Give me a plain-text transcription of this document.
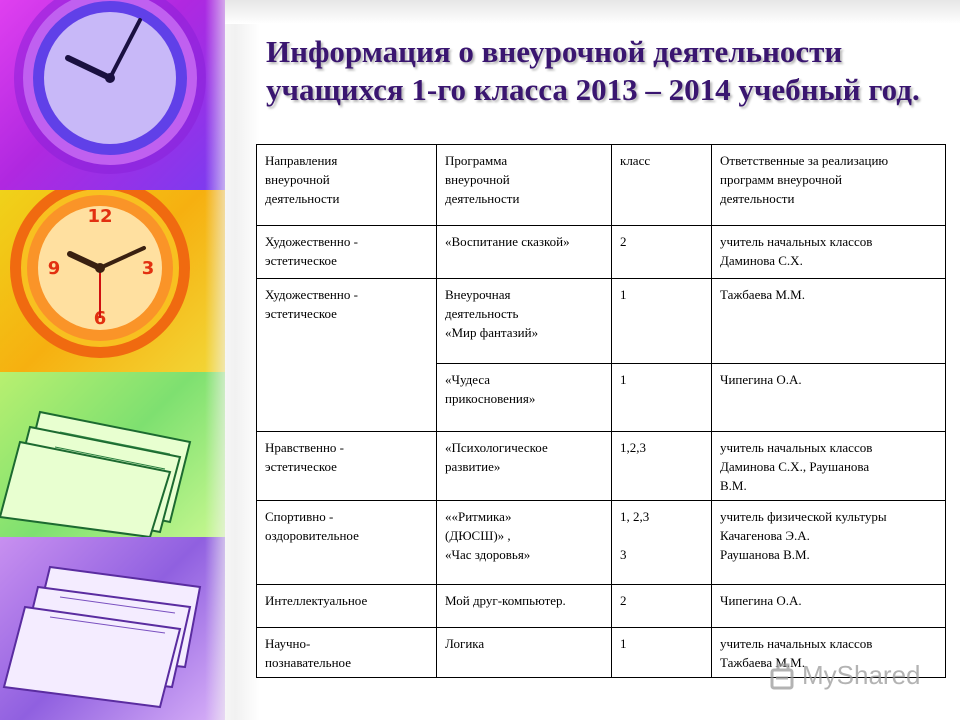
12
3
6
9
Информация о внеурочной деятельности учащихся 1-го класса 2013 – 2014 учебный год.
Направления
внеурочной
деятельности	Программа
внеурочной
деятельности	класс	Ответственные за реализацию
программ внеурочной
деятельности

Художественно -
эстетическое	«Воспитание сказкой»	2	учитель начальных классов
Даминова С.Х.

Художественно -
эстетическое	Внеурочная
деятельность
«Мир фантазий»	1	Тажбаева М.М.

	«Чудеса
прикосновения»	1	Чипегина О.А.

Нравственно -
эстетическое	«Психологическое
развитие»	1,2,3	учитель начальных классов
Даминова С.Х., Раушанова
В.М.

Спортивно -
оздоровительное	««Ритмика»
(ДЮСШ)» ,
«Час здоровья»	1, 2,3
3	учитель физической культуры
Качагенова Э.А.
Раушанова В.М.

Интеллектуальное	Мой друг-компьютер.	2	Чипегина О.А.

Научно-
познавательное	Логика	1	учитель начальных классов
Тажбаева М.М.
MyShared
